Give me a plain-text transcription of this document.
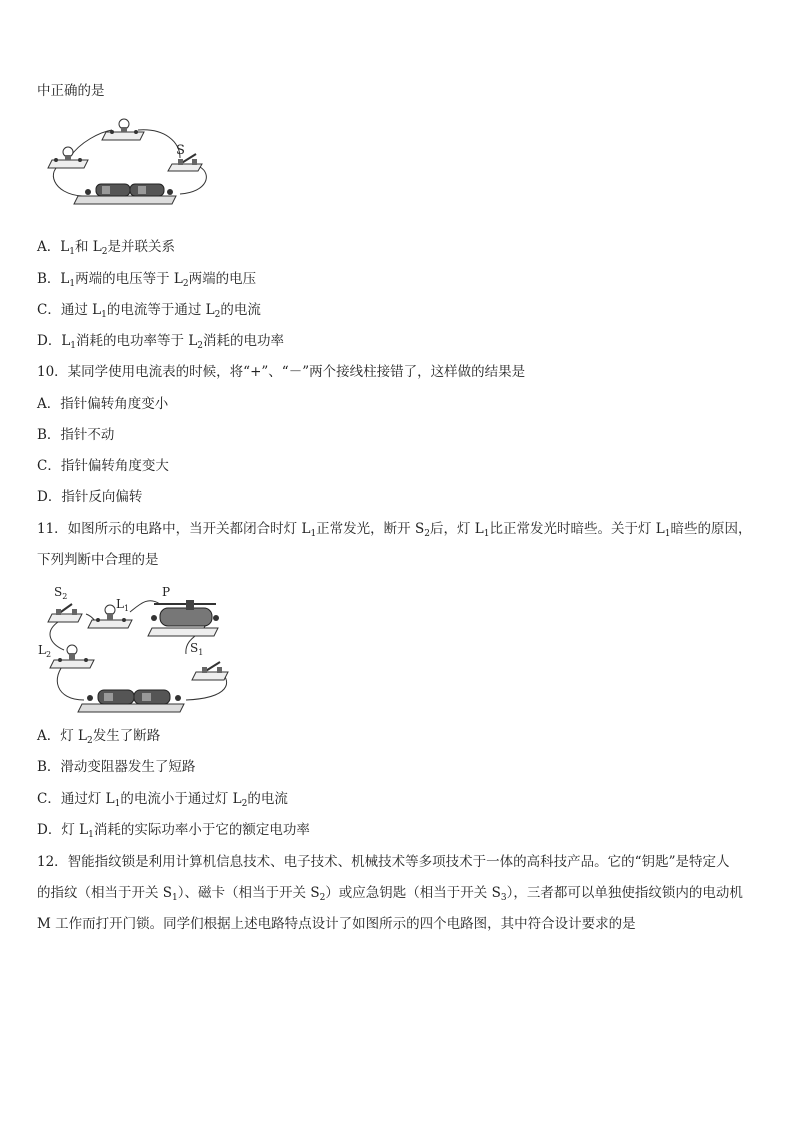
中正确的是
S
A．$L_1$和 $L_2$是并联关系
B．$L_1$两端的电压等于 $L_2$两端的电压
C．通过 $L_1$的电流等于通过 $L_2$的电流
D．$L_1$消耗的电功率等于 $L_2$消耗的电功率
10．某同学使用电流表的时候，将“+”、“－”两个接线柱接错了，这样做的结果是
A．指针偏转角度变小
B．指针不动
C．指针偏转角度变大
D．指针反向偏转
11．如图所示的电路中，当开关都闭合时灯 $L_1$正常发光，断开 $S_2$后，灯 $L_1$比正常发光时暗些。关于灯 $L_1$暗些的原因，
下列判断中合理的是
$S_2$
$L_1$
P
$L_2$	$S_1$
A．灯 $L_2$发生了断路
B．滑动变阻器发生了短路
C．通过灯 $L_1$的电流小于通过灯 $L_2$的电流
D．灯 $L_1$消耗的实际功率小于它的额定电功率
12．智能指纹锁是利用计算机信息技术、电子技术、机械技术等多项技术于一体的高科技产品。它的“钥匙”是特定人
的指纹（相当于开关 $S_1$）、磁卡（相当于开关 $S_2$）或应急钥匙（相当于开关 $S_3$），三者都可以单独使指纹锁内的电动机
M 工作而打开门锁。同学们根据上述电路特点设计了如图所示的四个电路图，其中符合设计要求的是
